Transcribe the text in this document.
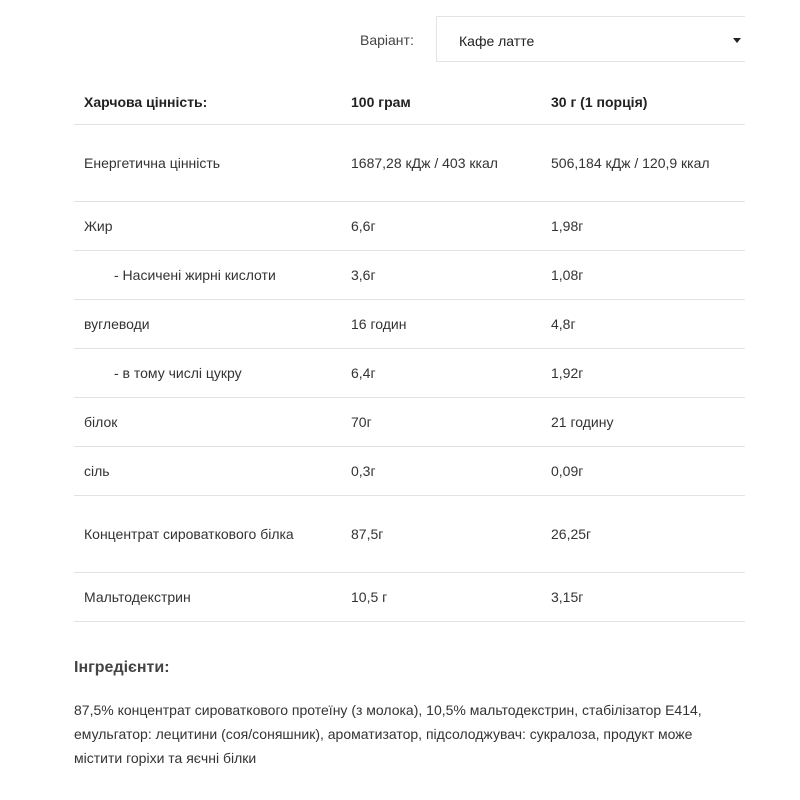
Варіант:	Кафе латте
Харчова цінність:	100 грам	30 г (1 порція)
Енергетична цінність	1687,28 кДж / 403 ккал	506,184 кДж / 120,9 ккал
Жир	6,6г	1,98г
- Насичені жирні кислоти	3,6г	1,08г
вуглеводи	16 годин	4,8г
- в тому числі цукру	6,4г	1,92г
білок	70г	21 годину
сіль	0,3г	0,09г
Концентрат сироваткового білка	87,5г	26,25г
Мальтодекстрин	10,5 г	3,15г
Інгредієнти:
87,5% концентрат сироваткового протеїну (з молока), 10,5% мальтодекстрин, стабілізатор Е414, емульгатор: лецитини (соя/соняшник), ароматизатор, підсолоджувач: сукралоза, продукт може містити горіхи та яєчні білки
